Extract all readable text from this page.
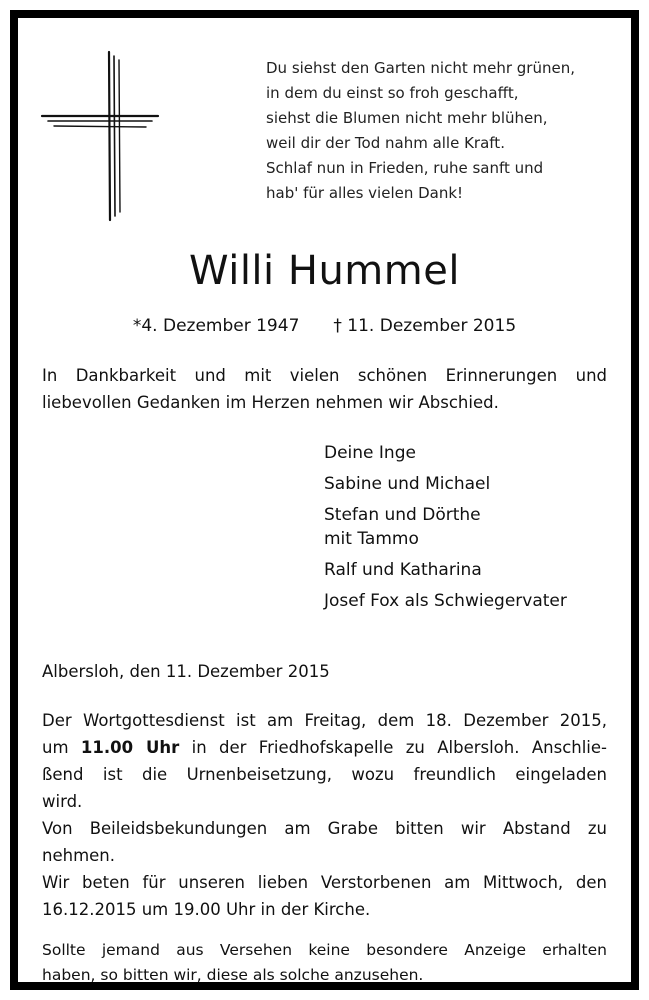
Du siehst den Garten nicht mehr grünen,
in dem du einst so froh geschafft,
siehst die Blumen nicht mehr blühen,
weil dir der Tod nahm alle Kraft.
Schlaf nun in Frieden, ruhe sanft und
hab' für alles vielen Dank!
Willi Hummel
*4. Dezember 1947 † 11. Dezember 2015
In Dankbarkeit und mit vielen schönen Erinnerungen und
liebevollen Gedanken im Herzen nehmen wir Abschied.
Deine Inge
Sabine und Michael
Stefan und Dörthe
mit Tammo
Ralf und Katharina
Josef Fox als Schwiegervater
Albersloh, den 11. Dezember 2015
Der Wortgottesdienst ist am Freitag, dem 18. Dezember 2015,
um 11.00 Uhr in der Friedhofskapelle zu Albersloh. Anschlie-
ßend ist die Urnenbeisetzung, wozu freundlich eingeladen
wird.
Von Beileidsbekundungen am Grabe bitten wir Abstand zu
nehmen.
Wir beten für unseren lieben Verstorbenen am Mittwoch, den
16.12.2015 um 19.00 Uhr in der Kirche.
Sollte jemand aus Versehen keine besondere Anzeige erhalten
haben, so bitten wir, diese als solche anzusehen.
